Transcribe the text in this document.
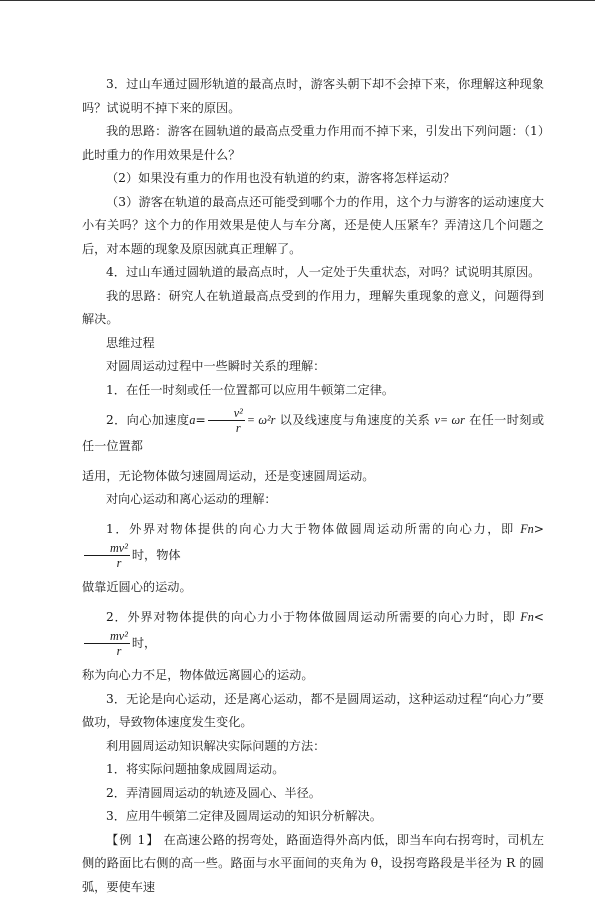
3．过山车通过圆形轨道的最高点时，游客头朝下却不会掉下来，你理解这种现象吗？试说明不掉下来的原因。

我的思路：游客在圆轨道的最高点受重力作用而不掉下来，引发出下列问题：（1）此时重力的作用效果是什么？

（2）如果没有重力的作用也没有轨道的约束，游客将怎样运动？

（3）游客在轨道的最高点还可能受到哪个力的作用，这个力与游客的运动速度大小有关吗？这个力的作用效果是使人与车分离，还是使人压紧车？弄清这几个问题之后，对本题的现象及原因就真正理解了。

4．过山车通过圆轨道的最高点时，人一定处于失重状态，对吗？试说明其原因。

我的思路：研究人在轨道最高点受到的作用力，理解失重现象的意义，问题得到解决。

思维过程

对圆周运动过程中一些瞬时关系的理解：

1．在任一时刻或任一位置都可以应用牛顿第二定律。

2．向心加速度$a= \frac{\text{v²}}{r} = \omega^2r$ 以及线速度与角速度的关系 v= ωr 在任一时刻或任一位置都

适用，无论物体做匀速圆周运动，还是变速圆周运动。

对向心运动和离心运动的理解：

1．外界对物体提供的向心力大于物体做圆周运动所需的向心力，即 Fn>
$\frac{\text{mv²}}{r}$ 时，物体

做靠近圆心的运动。

2．外界对物体提供的向心力小于物体做圆周运动所需要的向心力时，即 Fn<
$\frac{\text{mv²}}{r}$ 时，

称为向心力不足，物体做远离圆心的运动。

3．无论是向心运动，还是离心运动，都不是圆周运动，这种运动过程“向心力”要做功，导致物体速度发生变化。

利用圆周运动知识解决实际问题的方法：

1．将实际问题抽象成圆周运动。

2．弄清圆周运动的轨迹及圆心、半径。

3．应用牛顿第二定律及圆周运动的知识分析解决。

【例 1】 在高速公路的拐弯处，路面造得外高内低，即当车向右拐弯时，司机左侧的路面比右侧的高一些。路面与水平面间的夹角为 θ，设拐弯路段是半径为 R 的圆弧，要使车速
